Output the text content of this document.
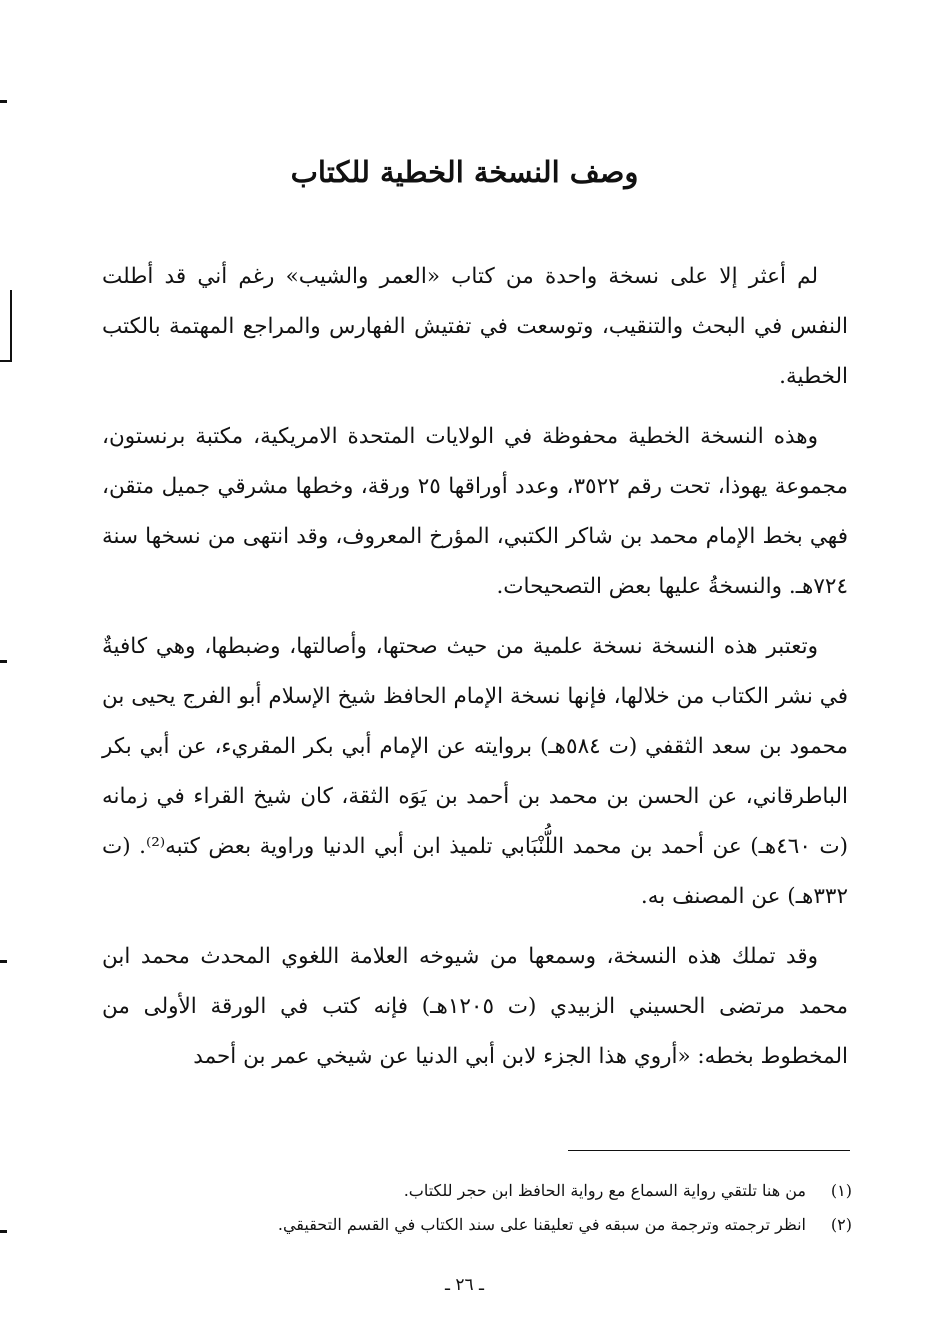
وصف النسخة الخطية للكتاب

لم أعثر إلا على نسخة واحدة من كتاب «العمر والشيب» رغم أني قد أطلت النفس في البحث والتنقيب، وتوسعت في تفتيش الفهارس والمراجع المهتمة بالكتب الخطية.

وهذه النسخة الخطية محفوظة في الولايات المتحدة الامريكية، مكتبة برنستون، مجموعة يهوذا، تحت رقم ٣٥٢٢، وعدد أوراقها ٢٥ ورقة، وخطها مشرقي جميل متقن، فهي بخط الإمام محمد بن شاكر الكتبي، المؤرخ المعروف، وقد انتهى من نسخها سنة ٧٢٤هـ. والنسخةُ عليها بعض التصحيحات.

وتعتبر هذه النسخة نسخة علمية من حيث صحتها، وأصالتها، وضبطها، وهي كافيةٌ في نشر الكتاب من خلالها، فإنها نسخة الإمام الحافظ شيخ الإسلام أبو الفرج يحيى بن محمود بن سعد الثقفي (ت ٥٨٤هـ) بروايته عن الإمام أبي بكر المقريء، عن أبي بكر الباطرقاني، عن الحسن بن محمد بن أحمد بن يَوَه الثقة، كان شيخ القراء في زمانه (ت ٤٦٠هـ) عن أحمد بن محمد اللُّنْبَابي تلميذ ابن أبي الدنيا وراوية بعض كتبه⁽²⁾. (ت ٣٣٢هـ) عن المصنف به.

وقد تملك هذه النسخة، وسمعها من شيوخه العلامة اللغوي المحدث محمد ابن محمد مرتضى الحسيني الزبيدي (ت ١٢٠٥هـ) فإنه كتب في الورقة الأولى من المخطوط بخطه: «أروي هذا الجزء لابن أبي الدنيا عن شيخي عمر بن أحمد

(١)
من هنا تلتقي رواية السماع مع رواية الحافظ ابن حجر للكتاب.
(٢)
انظر ترجمته وترجمة من سبقه في تعليقنا على سند الكتاب في القسم التحقيقي.
ـ ٢٦ ـ
